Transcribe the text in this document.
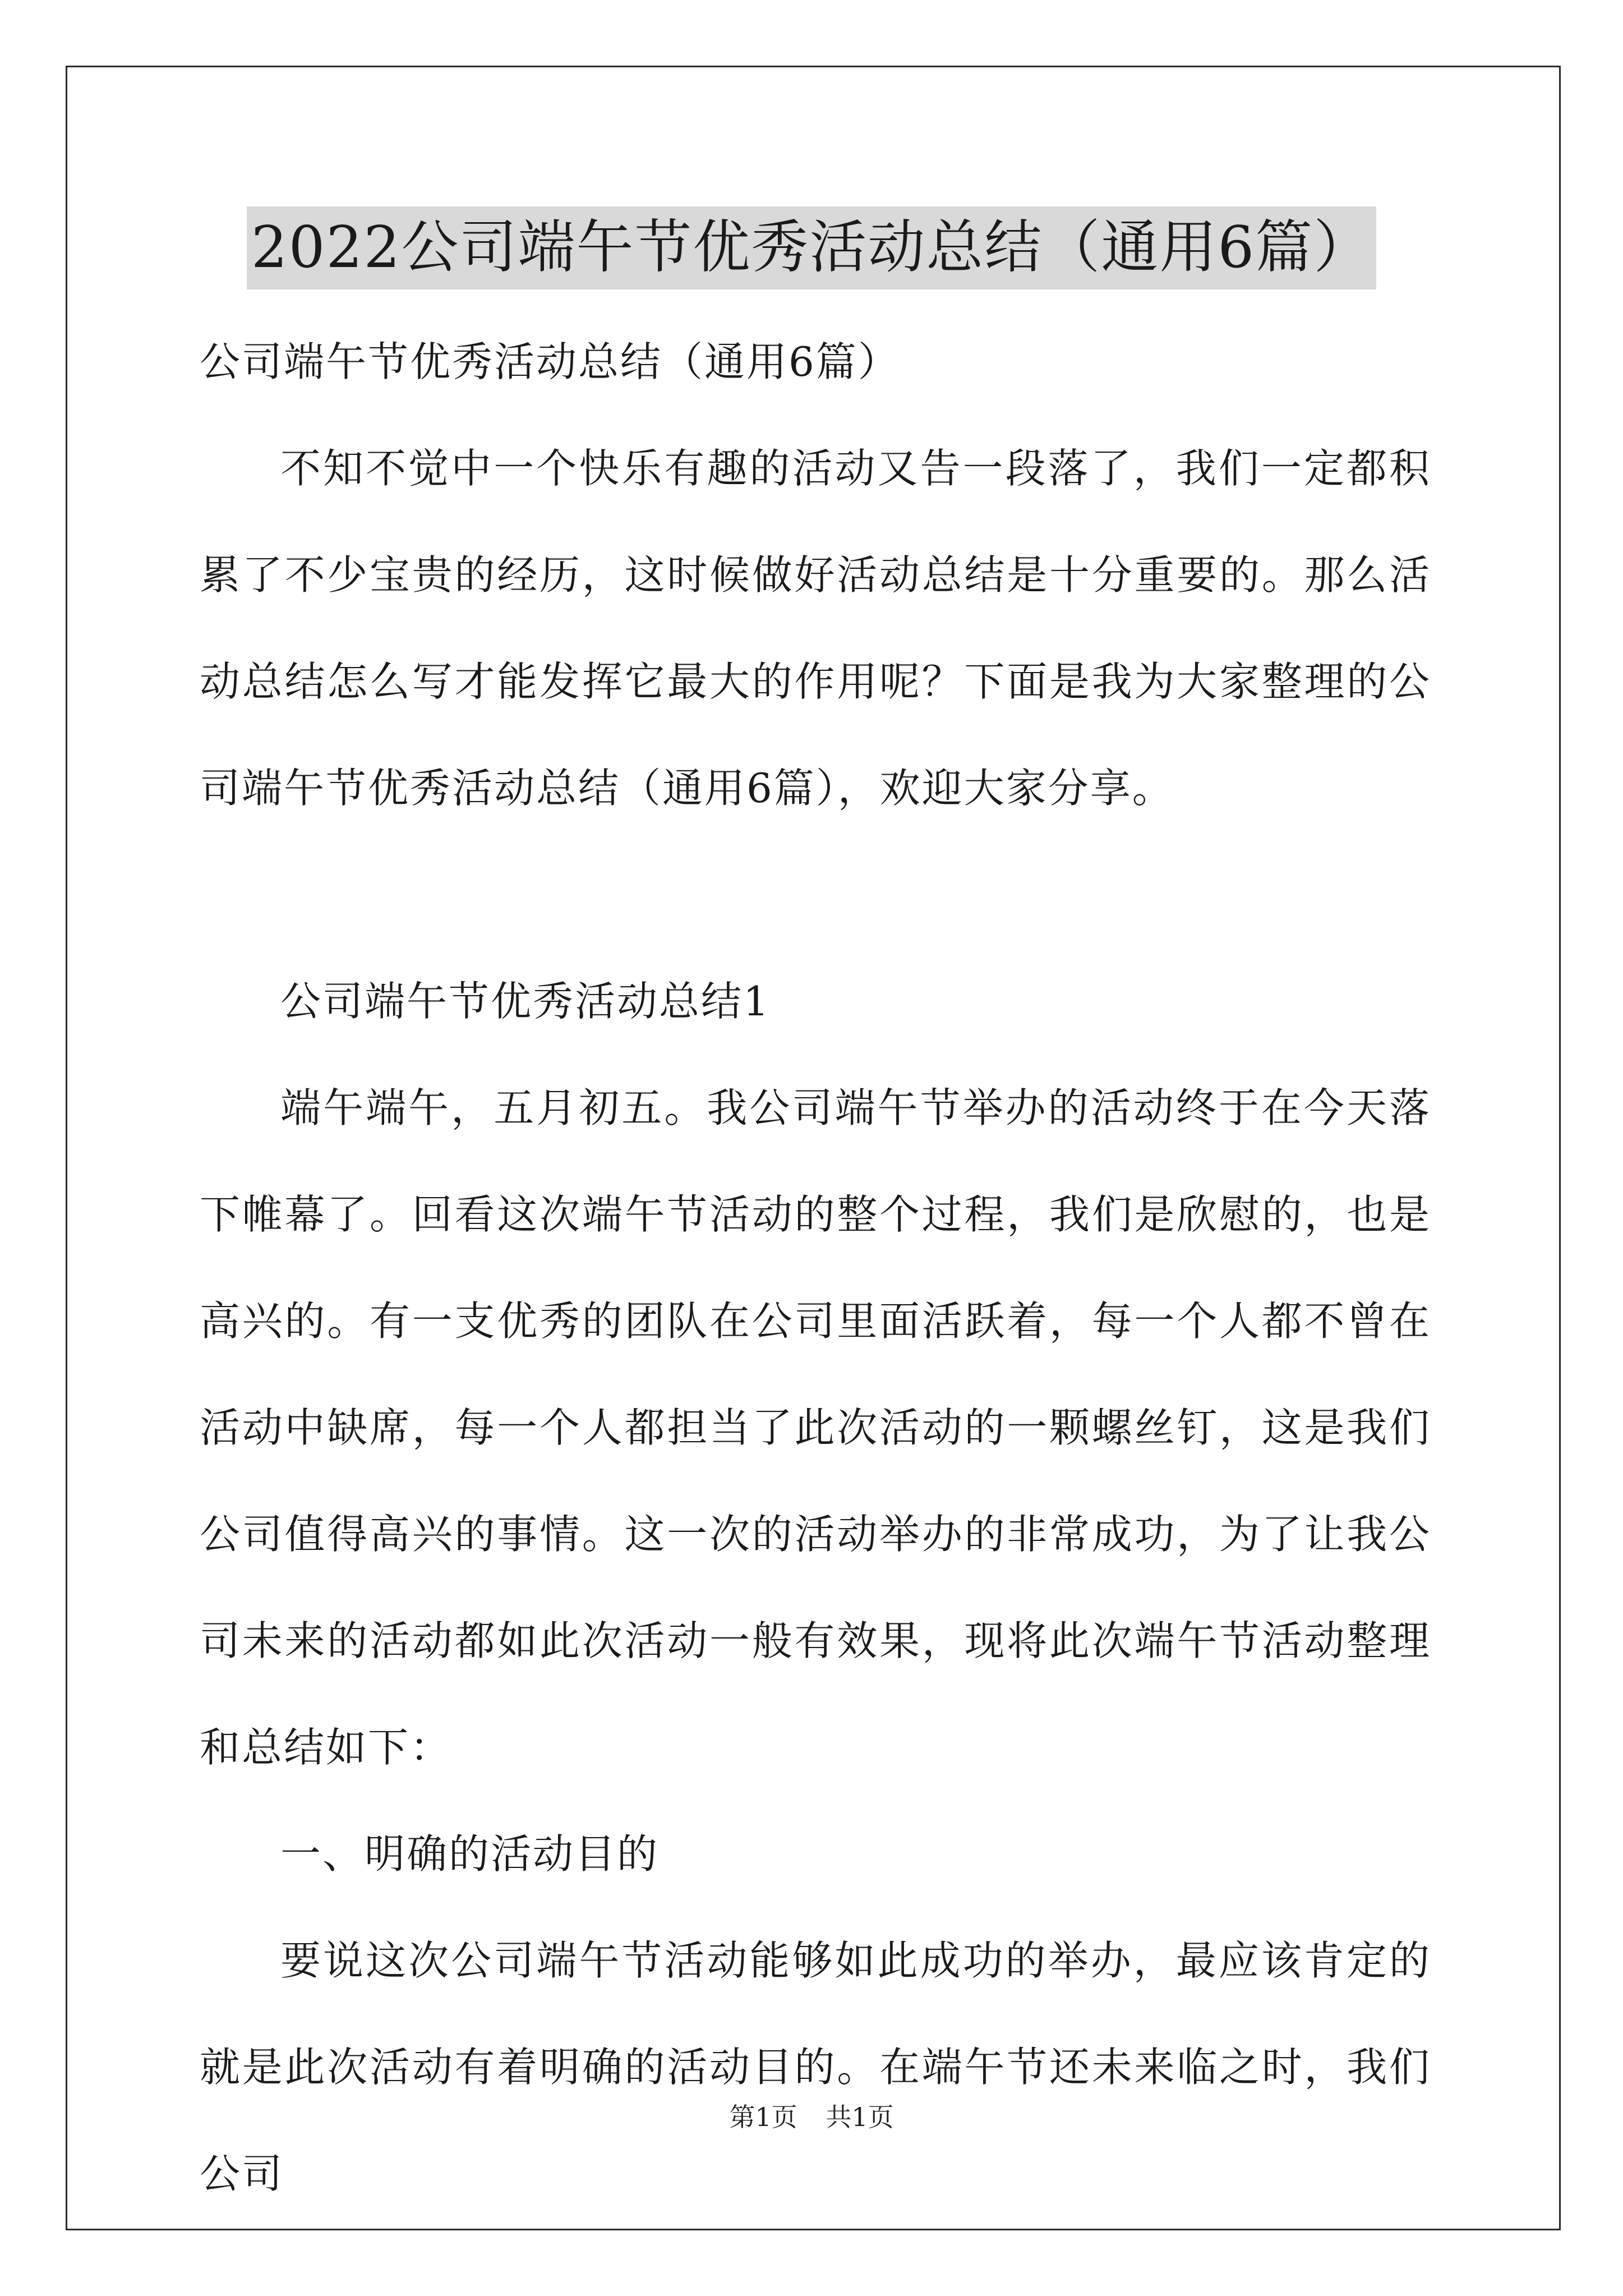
2022公司端午节优秀活动总结（通用6篇）

公司端午节优秀活动总结（通用6篇）

不知不觉中一个快乐有趣的活动又告一段落了，我们一定都积累了不少宝贵的经历，这时候做好活动总结是十分重要的。那么活动总结怎么写才能发挥它最大的作用呢？下面是我为大家整理的公司端午节优秀活动总结（通用6篇），欢迎大家分享。

公司端午节优秀活动总结1

端午端午，五月初五。我公司端午节举办的活动终于在今天落下帷幕了。回看这次端午节活动的整个过程，我们是欣慰的，也是高兴的。有一支优秀的团队在公司里面活跃着，每一个人都不曾在活动中缺席，每一个人都担当了此次活动的一颗螺丝钉，这是我们公司值得高兴的事情。这一次的活动举办的非常成功，为了让我公司未来的活动都如此次活动一般有效果，现将此次端午节活动整理和总结如下：

一、明确的活动目的

要说这次公司端午节活动能够如此成功的举办，最应该肯定的就是此次活动有着明确的活动目的。在端午节还未来临之时，我们公司

第1页 共1页
